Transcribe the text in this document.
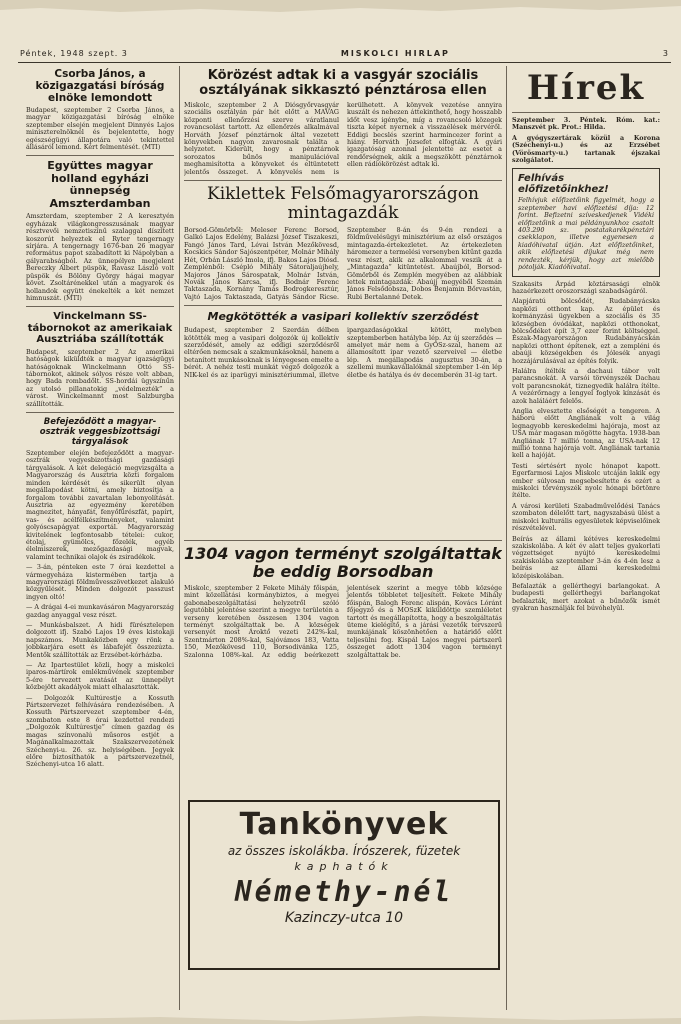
Péntek, 1948 szept. 3	MISKOLCI HIRLAP	3
Csorba János, a közigazgatási bíróság elnöke lemondott

Budapest, szeptember 2 Csorba János, a magyar közigazgatási bíróság elnöke szeptember elsején megjelent Dinnyés Lajos miniszterelnöknél és bejelentette, hogy egészségügyi állapotára való tekintettel állásáról lemond. Kért felmentését. (MTI)

Együttes magyar holland egyházi ünnepség Amszterdamban

Amszterdam, szeptember 2 A keresztyén egyházak világkongresszusának magyar résztvevői nemzetiszínű szalaggal díszített koszorút helyeztek el Ryter tengernagy sírjára. A tengernagy 1676-ban 26 magyar református papot szabadított ki Nápolyban a gályarabságból. Az ünnepélyen megjelent Bereczky Albert püspök, Ravasz László volt püspök és Bölöny György hágai magyar követ. Zsoltárénekkel után a magyarok és hollandok együtt énekelték a két nemzet himnuszát. (MTI)

Vinckelmann SS-tábornokot az amerikaiak Ausztriába szállították

Budapest, szeptember 2 Az amerikai hatóságok kiküldték a magyar igazságügyi hatóságoknak Winckelmann Ottó SS-tábornokot, akinek sólyos része volt abban, hogy Bada rombadőlt. SS-hordái ügyszínűn az utolsó pillanatokig „védelmezték” a várost. Winckelmannt most Salzburgba szállították.

Befejeződött a magyar-osztrák veggesbizottsági tárgyalások

Szeptember elején befejeződött a magyar-osztrák vegyesbizottsági gazdasági tárgyalások. A két delegáció megvizsgálta a Magyarország és Ausztria közti forgalom minden kérdését és sikerült olyan megállapodást kötni, amely biztosítja a forgalom további zavartalan lebonyolítását. Ausztria az egyezmény keretében magnezitet, hányafát, fenyőfűrészfát, papírt, vas- és acélfélkészítményeket, valamint golyóscsapágyat exportál. Magyarország kivitelének legfontosabb tételei: cukor, étolaj, gyümölcs, főzelék, egyéb élelmiszerek, mezőgazdasági magvak, valamint technikai olajok és zsiradékok.

— 3-án, pénteken este 7 órai kezdettel a vármegyeháza kistermében tartja a magyarországi földművesszövetkezet alakuló közgyűlését. Minden dolgozót passzust ingyen oltó!

— A drágai 4-ei munkavásáron Magyarország gazdag anyaggal vesz részt.

— Munkásbalszet. A hidi fürésztelepen dolgozott ifj. Szabó Lajos 19 éves kistokaji napszámos. Munkaközben egy rönk a jobbkarjára esett és lábafejét összezúzta. Mentők szállították az Erzsébet-kórházba.

— Az Ipartestület közli, hogy a miskolci iparos-mártírok emlékművének szeptember 5-ére tervezett avatását az ünnepélyt közbejött akadályok miatt elhalasztották.

— Dolgozók Kultúrestje a Kossuth Pártszervezet felhívására rendezésében. A Kossuth Pártszervezet szeptember 4-én, szombaton este 8 órai kezdettel rendezi „Dolgozók Kultúrestje” címen gazdag és magas színvonalú műsoros estjét a Magánalkalmazottak Szakszervezetének Széchenyi-u. 26. sz. helyiségében. Jegyek előre biztosíthatók a pártszervezetnél, Széchenyi-utca 16 alatt.

Körözést adtak ki a vasgyár szociális osztályának sikkasztó pénztárosa ellen

Miskolc, szeptember 2 A Diósgyőrvasgyár szociális osztályán pár hét előtt a MAVAG központi ellenőrzési szerve váratlanul rovancsolást tartott. Az ellenőrzés alkalmával Horváth József pénztárnok által vezetett könyvekben nagyon zavarosnak találta a helyzetet. Kiderült, hogy a pénztárnok sorozatos bűnös manipulációval meghamisította a könyveket és eltüntetett jelentős összeget. A könyvelés nem is kerülhetett. A könyvek vezetése annyira kuszált és nehezen áttekinthető, hogy hosszabb időt vesz igénybe, míg a rovancsoló közegek tiszta képet nyernek a visszaélések mérvéről. Eddigi becslés szerint harmincezer forint a hiány. Horváth Józsefet elfogták. A gyári igazgatóság azonnal jelentette az esetet a rendőrségnek, akik a megszökött pénztárnok ellen rádiókörözést adtak ki.

Kiklettek Felsőmagyarországon mintagazdák

Borsod-Gömörből: Meleser Ferenc Borsod, Galkó Lajos Edelény, Balázsi József Tiszakeszi, Fangó János Tard, Lévai István Mezőkövesd, Kocskics Sándor Sajószentpéter, Molnár Mihály Hét, Orbán László Imola, ifj. Bakos Lajos Diósd. Zemplénből: Csépló Mihály Sátoraljaújhely, Majoros János Sárospatak, Molnár István, Novák János Karcsa, ifj. Bodnár Ferenc Taktaszada, Kornány Tamás Bodrogkeresztúr, Vajtó Lajos Taktaszada, Gatyás Sándor Ricse. Szeptember 8-án és 9-én rendezi a földművelésügyi minisztérium az első országos mintagazda-értekezletet. Az értekezleten háromezer a termelési versenyben kitűnt gazda vesz részt, akik az alkalommal veszik át a „Mintagazda” kitüntetést. Abaújból, Borsod-Gömörből és Zemplén megyében az alábbiak lettek mintagazdák: Abaújj megyéből Szemán János Felsődobsza, Dobos Benjamin Bőrvastán, Rubi Bertalanné Detek.

Megkötötték a vasipari kollektív szerződést

Budapest, szeptember 2 Szerdán délben kötötték meg a vasipari dolgozók új kollektív szerződését, amely az eddigi szerződésről eltérően nemcsak a szakmunkásoknál, hanem a betanított munkásoknak is lényegesen emelte a bérét. A nehéz testi munkát végző dolgozók a NIK-kel és az iparügyi minisztériummal, illetve ipargazdaságokkal kötött, melyben szeptemberben hatályba lép. Az új szerződés — amelyet már nem a GyOSz-szal, hanem az államosított ipar vezető szerveivel — életbe lép. A megállapodás augusztus 30-án, a szellemi munkavállalóknál szeptember 1-én lép életbe és hatálya és év decemberén 31-ig tart.

1304 vagon terményt szolgáltattak be eddig Borsodban

Miskolc, szeptember 2 Fekete Mihály főispán, mint közellátási kormánybiztos, a megyei gabonabeszolgáltatási helyzetről szóló legutóbbi jelentése szerint a megye területén a verseny keretében összesen 1304 vagon terményt szolgáltattak be. A községek versenyét most Ároktő vezeti 242%-kal, Szentmárton 208%-kal, Sajóvámos 183, Vatta 150, Mezőkövesd 110, Borsodivánka 125, Szalonna 108%-kal. Az eddig beérkezett jelentések szerint a megye több községe jelentős többletet teljesített. Fekete Mihály főispán, Balogh Ferenc alispán, Kovács Lóránt főjegyző és a MOSzK kiküldöttje szemléletet tartott és megállapította, hogy a beszolgáltatás üteme kielégítő, s a járási vezetők tervszerű munkájának köszönhetően a határidő előtt teljesülni fog. Kispál Lajos megyei pártszerű összeget adott 1304 vagon terményt szolgáltattak be.

Tankönyvek

az összes iskolákba. Írószerek, füzetek

kaphatók

Némethy-nél

Kazinczy-utca 10

Hírek

Szeptember 3. Péntek. Róm. kat.: Manszvét pk. Prot.: Hilda.

A gyógyszertárak közül a Korona (Széchenyi-u.) és az Erzsébet (Vörösmarty-u.) tartanak éjszakai szolgálatot.

Felhívás előfizetőinkhez!

Felhívjuk előfizetőink figyelmét, hogy a szeptember havi előfizetési díja: 12 forint. Befizetni szíveskedjenek Vidéki előfizetőink a mai példányunkhoz csatolt 403.290 sz. postatakarékpénztári csekklapon, illetve egyenesen a kiadóhivatal útján. Azt előfizetőinket, akik előfizetési díjukat még nem rendezték, kérjük, hogy azt mielőbb pótolják. Kiadóhivatal.

Szakasits Árpád köztársasági elnök hazaérkezett oroszországi szabadságáról.

Alapjáratú bölcsődét, Rudabányácska napközi otthont kap. Az épület és kormányzási ügyekben a szociális és 35 községben óvódákat, napközi otthonokat, bölcsődéket épít 3,7 ezer forint költséggel. Észak-Magyarországon Rudabányácskán napközi otthont építenek, ezt a zempléni és abaúji községekben és Jólesék anyagi hozzájárulásával az építés folyik.

Halálra ítélték a dachaui tábor volt parancsnokát. A varsói törvényszék Dachau volt parancsnokát, tiznegyedik halálra ítélte. A vezérőrnagy a lengyel foglyok kínzását és azok haláláért felelős.

Anglia elvesztette elsőségét a tengeren. A háború előtt Angliának volt a világ legnagyobb kereskedelmi hajóraja, most az USA már magasan mögötte hagyta. 1938-ban Angliának 17 millió tonna, az USA-nak 12 millió tonna hajóraja volt. Angliának tartania kell a hajóját.

Testi sértésért nyolc hónapot kapott. Egerfarmosi Lajos Miskolc utcáján lakik egy ember súlyosan megsebesítette és ezért a miskolci törvényszék nyolc hónapi börtönre ítélte.

A városi kerületi Szabadművelődési Tanács szombaton délelőtt tart, nagyszabású ülést a miskolci kulturális egyesületek képviselőinek részvételével.

Beírás az állami kétéves kereskedelmi szakiskolába. A két év alatt teljes gyakorlati végzettséget nyújtó kereskedelmi szakiskolába szeptember 3-án és 4-én lesz a beírás az állami kereskedelmi középiskolában.

Befalazták a gellérthegyi barlangokat. A budapesti gellérthegyi barlangokat befalazták, mert azokat a bűnözők ismét gyakran használják fel búvóhelyül.
